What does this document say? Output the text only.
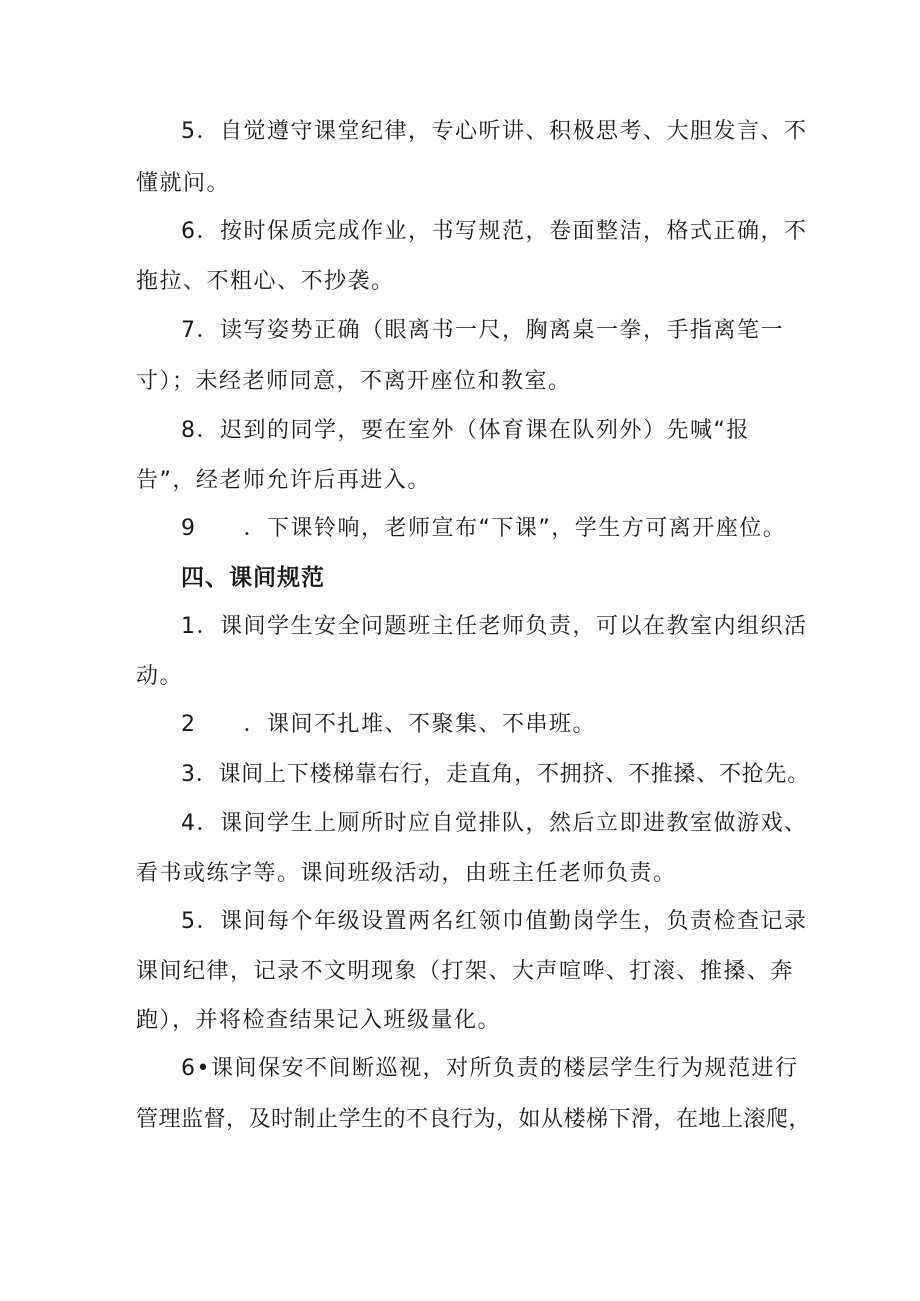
5．自觉遵守课堂纪律，专心听讲、积极思考、大胆发言、不
懂就问。
6．按时保质完成作业，书写规范，卷面整洁，格式正确，不
拖拉、不粗心、不抄袭。
7．读写姿势正确（眼离书一尺，胸离桌一拳，手指离笔一
寸）；未经老师同意，不离开座位和教室。
8．迟到的同学，要在室外（体育课在队列外）先喊“报
告”，经老师允许后再进入。
9　　．下课铃响，老师宣布“下课”，学生方可离开座位。
四、课间规范
1．课间学生安全问题班主任老师负责，可以在教室内组织活
动。
2　　．课间不扎堆、不聚集、不串班。
3．课间上下楼梯靠右行，走直角，不拥挤、不推搡、不抢先。
4．课间学生上厕所时应自觉排队，然后立即进教室做游戏、
看书或练字等。课间班级活动，由班主任老师负责。
5．课间每个年级设置两名红领巾值勤岗学生，负责检查记录
课间纪律，记录不文明现象（打架、大声喧哗、打滚、推搡、奔
跑），并将检查结果记入班级量化。
6•课间保安不间断巡视，对所负责的楼层学生行为规范进行
管理监督，及时制止学生的不良行为，如从楼梯下滑，在地上滚爬，
